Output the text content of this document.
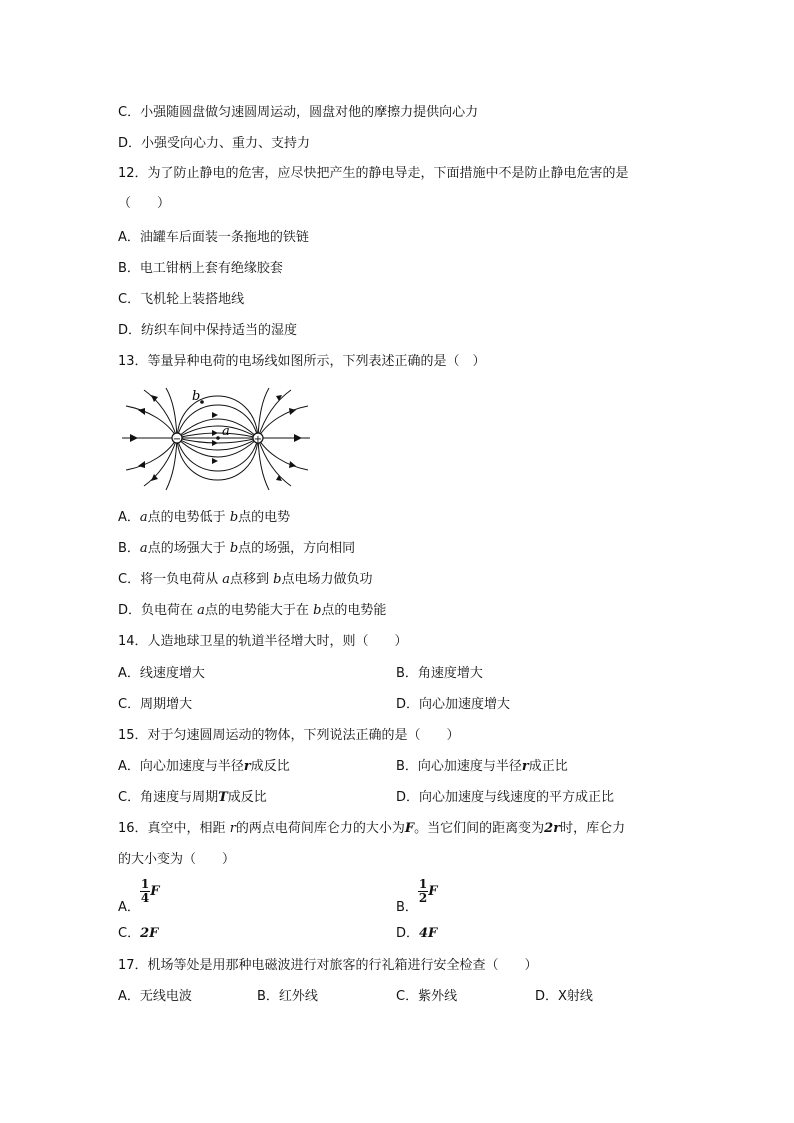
C．小强随圆盘做匀速圆周运动，圆盘对他的摩擦力提供向心力
D．小强受向心力、重力、支持力
12．为了防止静电的危害，应尽快把产生的静电导走，下面措施中不是防止静电危害的是
（　　）
A．油罐车后面装一条拖地的铁链
B．电工钳柄上套有绝缘胶套
C．飞机轮上装搭地线
D．纺织车间中保持适当的湿度
13．等量异种电荷的电场线如图所示，下列表述正确的是（　）
−	+
a
b
A．a点的电势低于 b点的电势
B．a点的场强大于 b点的场强，方向相同
C．将一负电荷从 a点移到 b点电场力做负功
D．负电荷在 a点的电势能大于在 b点的电势能
14．人造地球卫星的轨道半径增大时，则（　　）
A．线速度增大	B．角速度增大
C．周期增大	D．向心加速度增大
15．对于匀速圆周运动的物体，下列说法正确的是（　　）
A．向心加速度与半径r成反比	B．向心加速度与半径r成正比
C．角速度与周期T成反比	D．向心加速度与线速度的平方成正比
16．真空中，相距 r的两点电荷间库仑力的大小为F。当它们间的距离变为2r时，库仑力
的大小变为（　　）
A．
$\frac{1}{4}$ F
B．
$\frac{1}{2}$ F
C．2F	D．4F
17．机场等处是用那种电磁波进行对旅客的行礼箱进行安全检查（　　）
A．无线电波	B．红外线	C．紫外线	D．X射线
